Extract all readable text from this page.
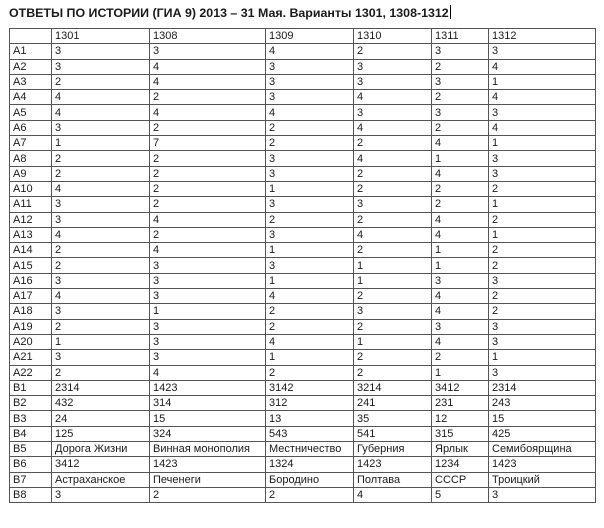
ОТВЕТЫ ПО ИСТОРИИ (ГИА 9) 2013 – 31 Мая. Варианты 1301, 1308-1312
	1301	1308	1309	1310	1311	1312
А1	3	3	4	2	3	3
А2	3	4	3	3	2	4
А3	2	4	3	3	3	1
А4	4	2	3	4	2	4
А5	4	4	4	3	3	3
А6	3	2	2	4	2	4
А7	1	7	2	2	4	1
А8	2	2	3	4	1	3
А9	2	2	3	2	4	3
А10	4	2	1	2	2	2
А11	3	2	3	3	2	1
А12	3	4	2	2	4	2
А13	4	2	3	4	4	1
А14	2	4	1	2	1	2
А15	2	3	3	1	1	2
А16	3	3	1	1	3	3
А17	4	3	4	2	4	2
А18	3	1	2	3	4	2
А19	2	3	2	2	3	3
А20	1	3	4	1	4	3
А21	3	3	1	2	2	1
А22	2	4	2	2	1	3
В1	2314	1423	3142	3214	3412	2314
В2	432	314	312	241	231	243
В3	24	15	13	35	12	15
В4	125	324	543	541	315	425
В5	Дорога Жизни	Винная монополия	Местничество	Губерния	Ярлык	Семибоярщина
В6	3412	1423	1324	1423	1234	1423
В7	Астраханское	Печенеги	Бородино	Полтава	СССР	Троицкий
В8	3	2	2	4	5	3
